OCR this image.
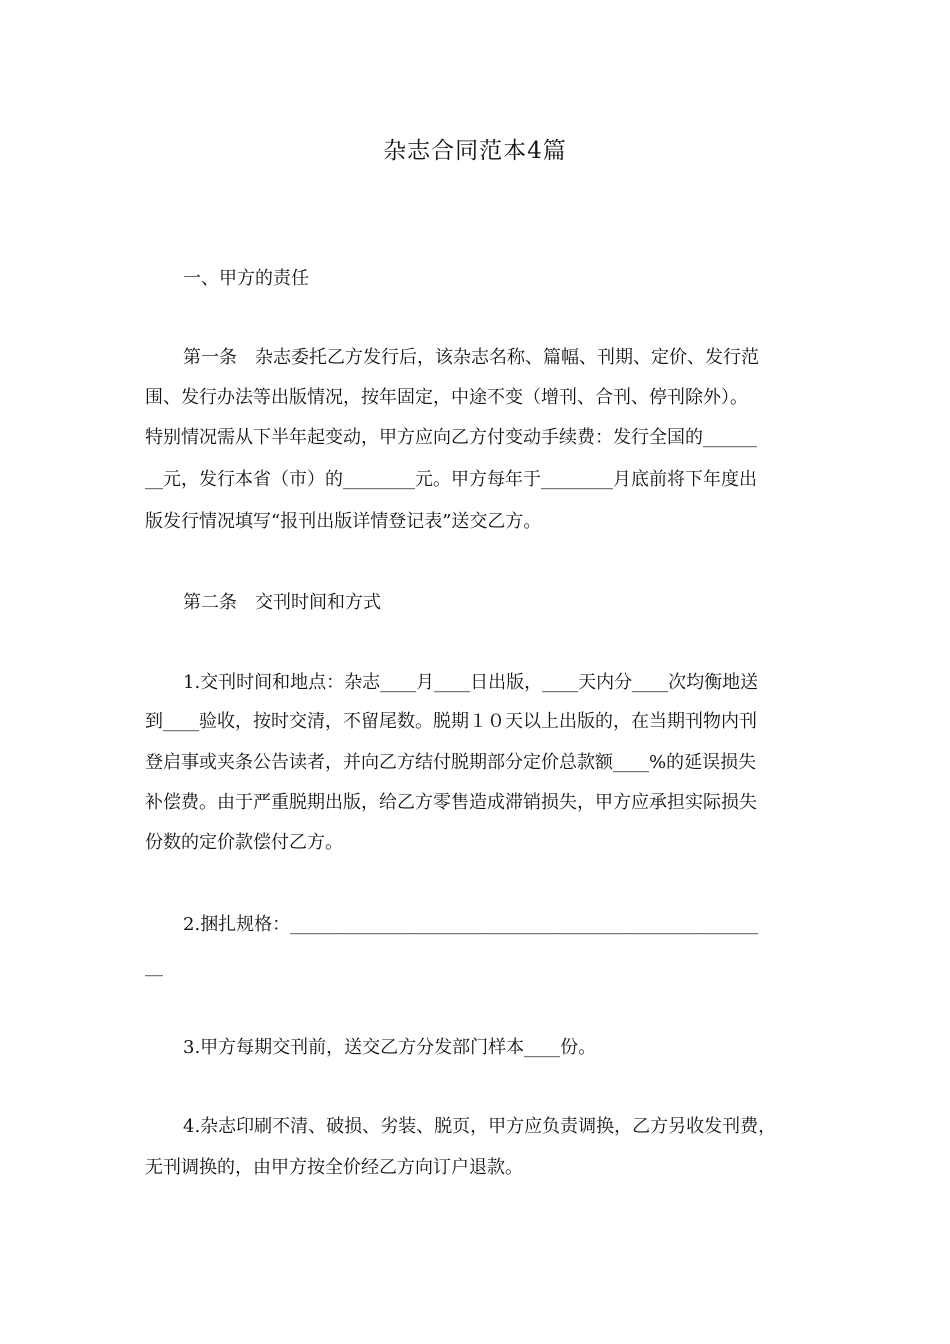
杂志合同范本4篇
一、甲方的责任
第一条　杂志委托乙方发行后，该杂志名称、篇幅、刊期、定价、发行范
围、发行办法等出版情况，按年固定，中途不变（增刊、合刊、停刊除外）。
特别情况需从下半年起变动，甲方应向乙方付变动手续费：发行全国的______
__元，发行本省（市）的________元。甲方每年于________月底前将下年度出
版发行情况填写“报刊出版详情登记表”送交乙方。
第二条　交刊时间和方式
1.交刊时间和地点：杂志____月____日出版，____天内分____次均衡地送
到____验收，按时交清，不留尾数。脱期１０天以上出版的，在当期刊物内刊
登启事或夹条公告读者，并向乙方结付脱期部分定价总款额____%的延误损失
补偿费。由于严重脱期出版，给乙方零售造成滞销损失，甲方应承担实际损失
份数的定价款偿付乙方。
2.捆扎规格：____________________________________________________
__
3.甲方每期交刊前，送交乙方分发部门样本____份。
4.杂志印刷不清、破损、劣装、脱页，甲方应负责调换，乙方另收发刊费，
无刊调换的，由甲方按全价经乙方向订户退款。
